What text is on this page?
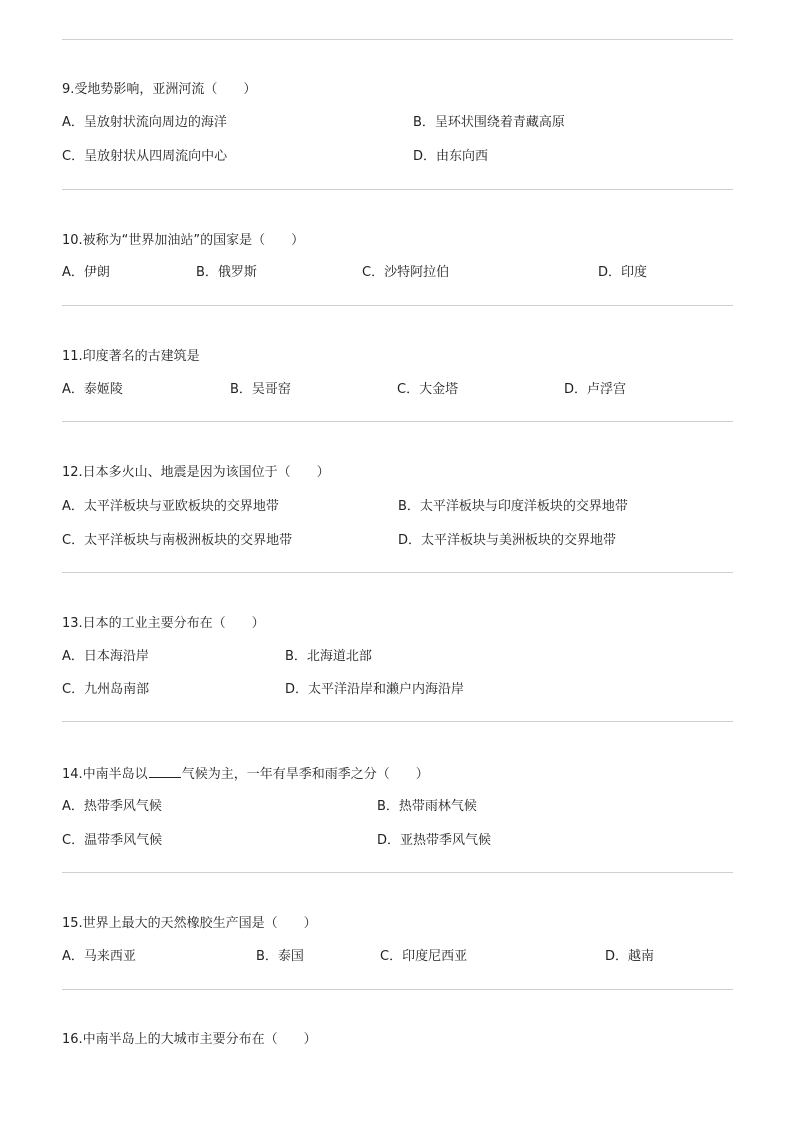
9.受地势影响，亚洲河流（　　）
A．呈放射状流向周边的海洋	B．呈环状围绕着青藏高原
C．呈放射状从四周流向中心	D．由东向西
10.被称为“世界加油站”的国家是（　　）
A．伊朗	B．俄罗斯	C．沙特阿拉伯	D．印度
11.印度著名的古建筑是
A．泰姬陵	B．吴哥窑	C．大金塔	D．卢浮宫
12.日本多火山、地震是因为该国位于（　　）
A．太平洋板块与亚欧板块的交界地带	B．太平洋板块与印度洋板块的交界地带
C．太平洋板块与南极洲板块的交界地带	D．太平洋板块与美洲板块的交界地带
13.日本的工业主要分布在（　　）
A．日本海沿岸	B．北海道北部
C．九州岛南部	D．太平洋沿岸和濑户内海沿岸
14.中南半岛以	气候为主，一年有旱季和雨季之分（　　）
A．热带季风气候	B．热带雨林气候
C．温带季风气候	D．亚热带季风气候
15.世界上最大的天然橡胶生产国是（　　）
A．马来西亚	B．泰国	C．印度尼西亚	D．越南
16.中南半岛上的大城市主要分布在（　　）
